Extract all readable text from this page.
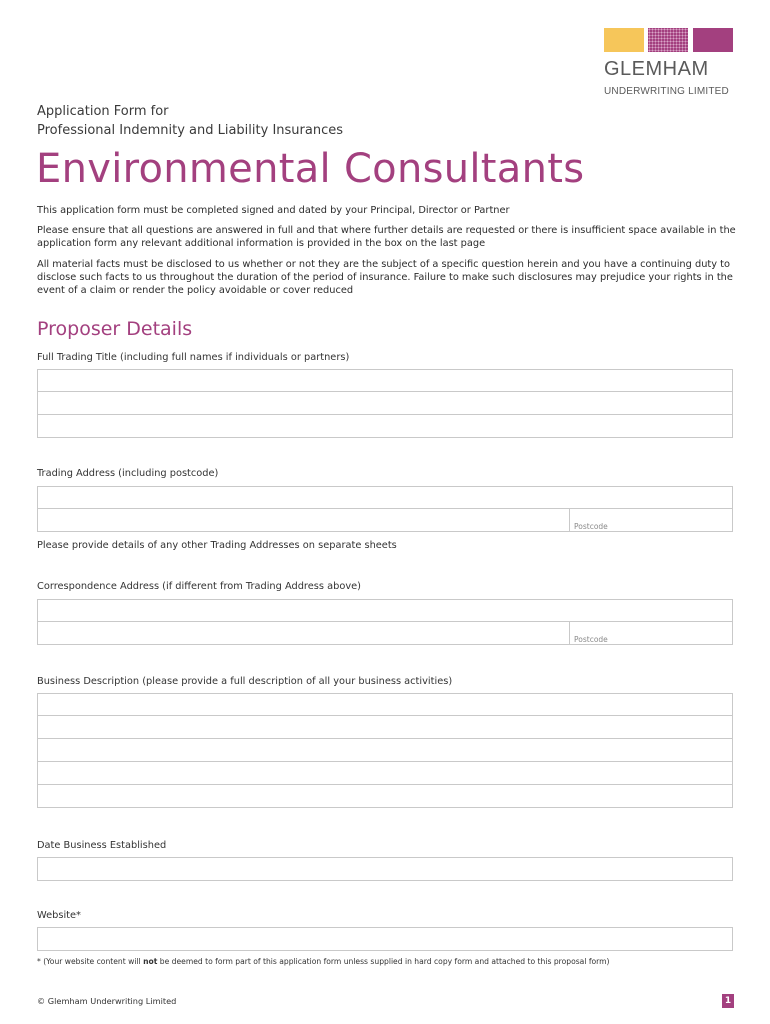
GLEMHAM
UNDERWRITING LIMITED
Application Form for
Professional Indemnity and Liability Insurances
Environmental Consultants
This application form must be completed signed and dated by your Principal, Director or Partner
Please ensure that all questions are answered in full and that where further details are requested or there is insufficient space available in the application form any relevant additional information is provided in the box on the last page
All material facts must be disclosed to us whether or not they are the subject of a specific question herein and you have a continuing duty to disclose such facts to us throughout the duration of the period of insurance. Failure to make such disclosures may prejudice your rights in the event of a claim or render the policy avoidable or cover reduced
Proposer Details
Full Trading Title (including full names if individuals or partners)
Trading Address (including postcode)
Postcode
Please provide details of any other Trading Addresses on separate sheets
Correspondence Address (if different from Trading Address above)
Postcode
Business Description (please provide a full description of all your business activities)
Date Business Established
Website*
* (Your website content will not be deemed to form part of this application form unless supplied in hard copy form and attached to this proposal form)
© Glemham Underwriting Limited	1
